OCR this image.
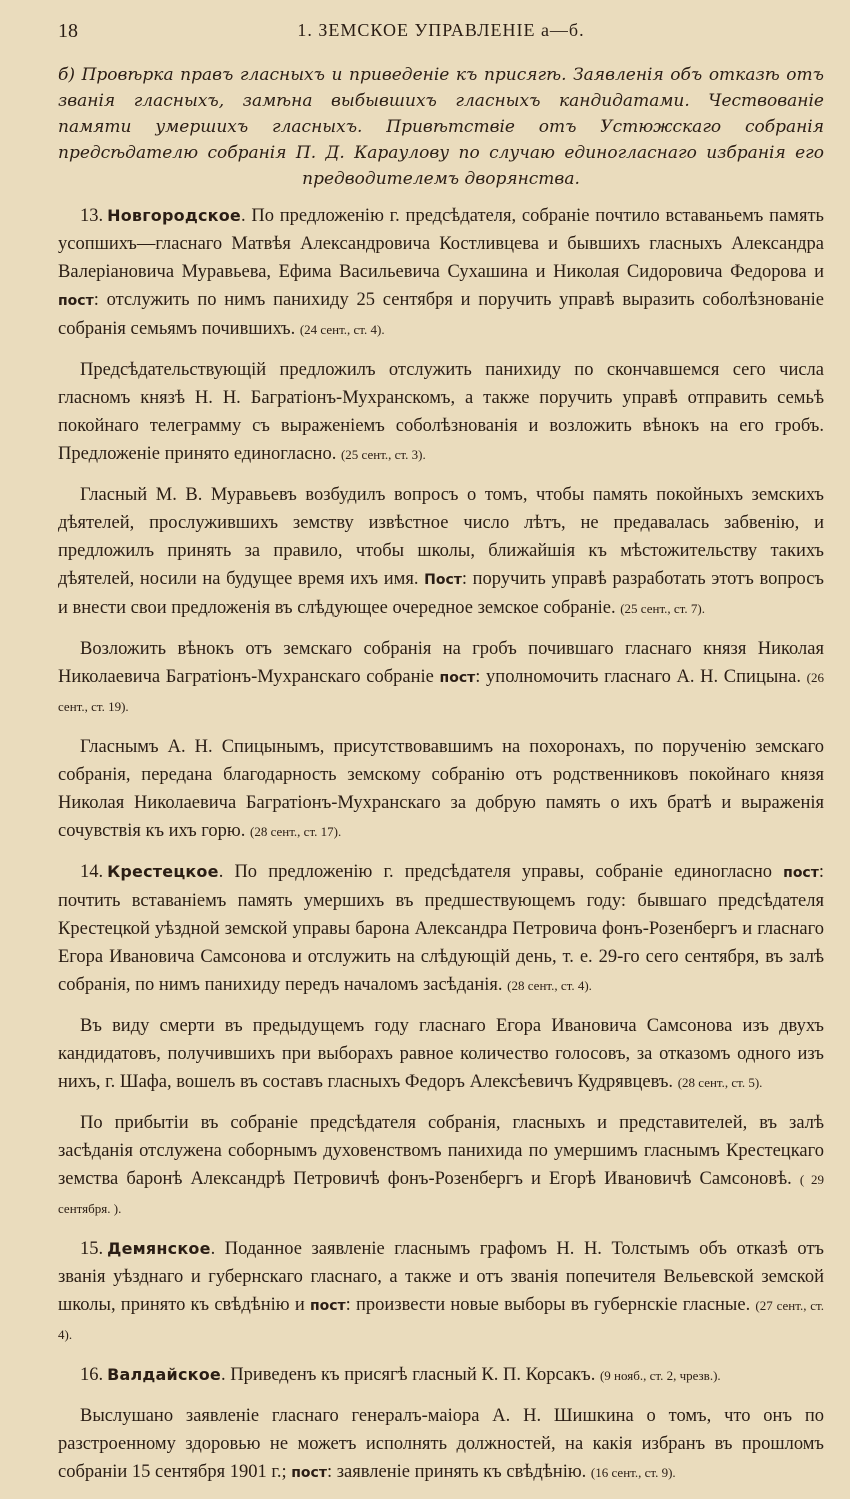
18	1. ЗЕМСКОЕ УПРАВЛЕНІЕ а—б.

б) Провѣрка правъ гласныхъ и приведеніе къ присягѣ. Заявленія объ отказѣ отъ званія гласныхъ, замѣна выбывшихъ гласныхъ кандидатами. Чествованіе памяти умершихъ гласныхъ. Привѣтствіе отъ Устюжскаго собранія предсѣдателю собранія П. Д. Караулову по случаю единогласнаго избранія его предводителемъ дворянства.

13. Новгородское. По предложенію г. предсѣдателя, собраніе почтило вставаньемъ память усопшихъ—гласнаго Матвѣя Александровича Костливцева и бывшихъ гласныхъ Александра Валеріановича Муравьева, Ефима Васильевича Сухашина и Николая Сидоровича Федорова и пост: отслужить по нимъ панихиду 25 сентября и поручить управѣ выразить соболѣзнованіе собранія семьямъ почившихъ. (24 сент., ст. 4).

Предсѣдательствующій предложилъ отслужить панихиду по скончавшемся сего числа гласномъ князѣ Н. Н. Багратіонъ-Мухранскомъ, а также поручить управѣ отправить семьѣ покойнаго телеграмму съ выраженіемъ соболѣзнованія и возложить вѣнокъ на его гробъ. Предложеніе принято единогласно. (25 сент., ст. 3).

Гласный М. В. Муравьевъ возбудилъ вопросъ о томъ, чтобы память покойныхъ земскихъ дѣятелей, прослужившихъ земству извѣстное число лѣтъ, не предавалась забвенію, и предложилъ принять за правило, чтобы школы, ближайшія къ мѣстожительству такихъ дѣятелей, носили на будущее время ихъ имя. Пост: поручить управѣ разработать этотъ вопросъ и внести свои предложенія въ слѣдующее очередное земское собраніе. (25 сент., ст. 7).

Возложить вѣнокъ отъ земскаго собранія на гробъ почившаго гласнаго князя Николая Николаевича Багратіонъ-Мухранскаго собраніе пост: уполномочить гласнаго А. Н. Спицына. (26 сент., ст. 19).

Гласнымъ А. Н. Спицынымъ, присутствовавшимъ на похоронахъ, по порученію земскаго собранія, передана благодарность земскому собранію отъ родственниковъ покойнаго князя Николая Николаевича Багратіонъ-Мухранскаго за добрую память о ихъ братѣ и выраженія сочувствія къ ихъ горю. (28 сент., ст. 17).

14. Крестецкое. По предложенію г. предсѣдателя управы, собраніе единогласно пост: почтить вставаніемъ память умершихъ въ предшествующемъ году: бывшаго предсѣдателя Крестецкой уѣздной земской управы барона Александра Петровича фонъ-Розенбергъ и гласнаго Егора Ивановича Самсонова и отслужить на слѣдующій день, т. е. 29-го сего сентября, въ залѣ собранія, по нимъ панихиду передъ началомъ засѣданія. (28 сент., ст. 4).

Въ виду смерти въ предыдущемъ году гласнаго Егора Ивановича Самсонова изъ двухъ кандидатовъ, получившихъ при выборахъ равное количество голосовъ, за отказомъ одного изъ нихъ, г. Шафа, вошелъ въ составъ гласныхъ Федоръ Алексѣевичъ Кудрявцевъ. (28 сент., ст. 5).

По прибытіи въ собраніе предсѣдателя собранія, гласныхъ и представителей, въ залѣ засѣданія отслужена соборнымъ духовенствомъ панихида по умершимъ гласнымъ Крестецкаго земства баронѣ Александрѣ Петровичѣ фонъ-Розенбергъ и Егорѣ Ивановичѣ Самсоновѣ. ( 29 сентября. ).

15. Демянское. Поданное заявленіе гласнымъ графомъ Н. Н. Толстымъ объ отказѣ отъ званія уѣзднаго и губернскаго гласнаго, а также и отъ званія попечителя Вельевской земской школы, принято къ свѣдѣнію и пост: произвести новые выборы въ губернскіе гласные. (27 сент., ст. 4).

16. Валдайское. Приведенъ къ присягѣ гласный К. П. Корсакъ. (9 нояб., ст. 2, чрезв.).

Выслушано заявленіе гласнаго генералъ-маіора А. Н. Шишкина о томъ, что онъ по разстроенному здоровью не можетъ исполнять должностей, на какія избранъ въ прошломъ собраніи 15 сентября 1901 г.; пост: заявленіе принять къ свѣдѣнію. (16 сент., ст. 9).
